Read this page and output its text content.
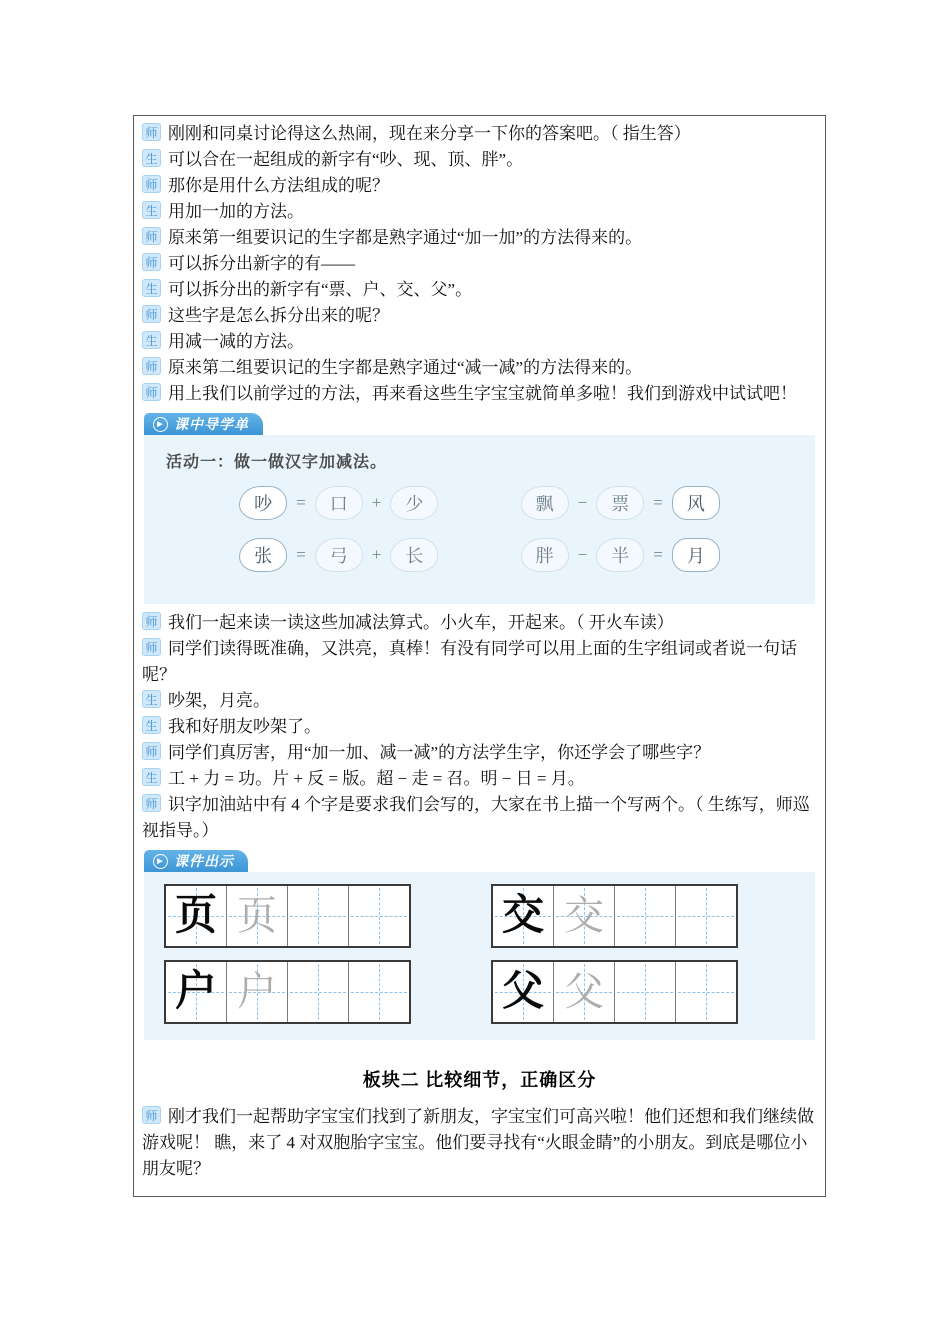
师 刚刚和同桌讨论得这么热闹，现在来分享一下你的答案吧。（ 指生答）

生 可以合在一起组成的新字有“吵、现、顶、胖”。

师 那你是用什么方法组成的呢？

生 用加一加的方法。

师 原来第一组要识记的生字都是熟字通过“加一加”的方法得来的。

师 可以拆分出新字的有——

生 可以拆分出的新字有“票、户、交、父”。

师 这些字是怎么拆分出来的呢？

生 用减一减的方法。

师 原来第二组要识记的生字都是熟字通过“减一减”的方法得来的。

师 用上我们以前学过的方法，再来看这些生字宝宝就简单多啦！我们到游戏中试试吧！

▶ 课中导学单
活动一：做一做汉字加减法。
吵	=	口	+	少	飘	−	票	=	风
张	=	弓	+	长	胖	−	半	=	月

师 我们一起来读一读这些加减法算式。小火车，开起来。（ 开火车读）

师 同学们读得既准确，又洪亮，真棒！有没有同学可以用上面的生字组词或者说一句话呢？

生 吵架，月亮。

生 我和好朋友吵架了。

师 同学们真厉害，用“加一加、减一减”的方法学生字，你还学会了哪些字？

生 工 + 力 = 功。片 + 反 = 版。超 − 走 = 召。明 − 日 = 月。

师 识字加油站中有 4 个字是要求我们会写的，大家在书上描一个写两个。（ 生练写，师巡视指导。）

▶ 课件出示
页 页	交 交
户 户	父 父
板块二 比较细节，正确区分

师 刚才我们一起帮助字宝宝们找到了新朋友，字宝宝们可高兴啦！他们还想和我们继续做游戏呢！ 瞧，来了 4 对双胞胎字宝宝。他们要寻找有“火眼金睛”的小朋友。到底是哪位小朋友呢？
